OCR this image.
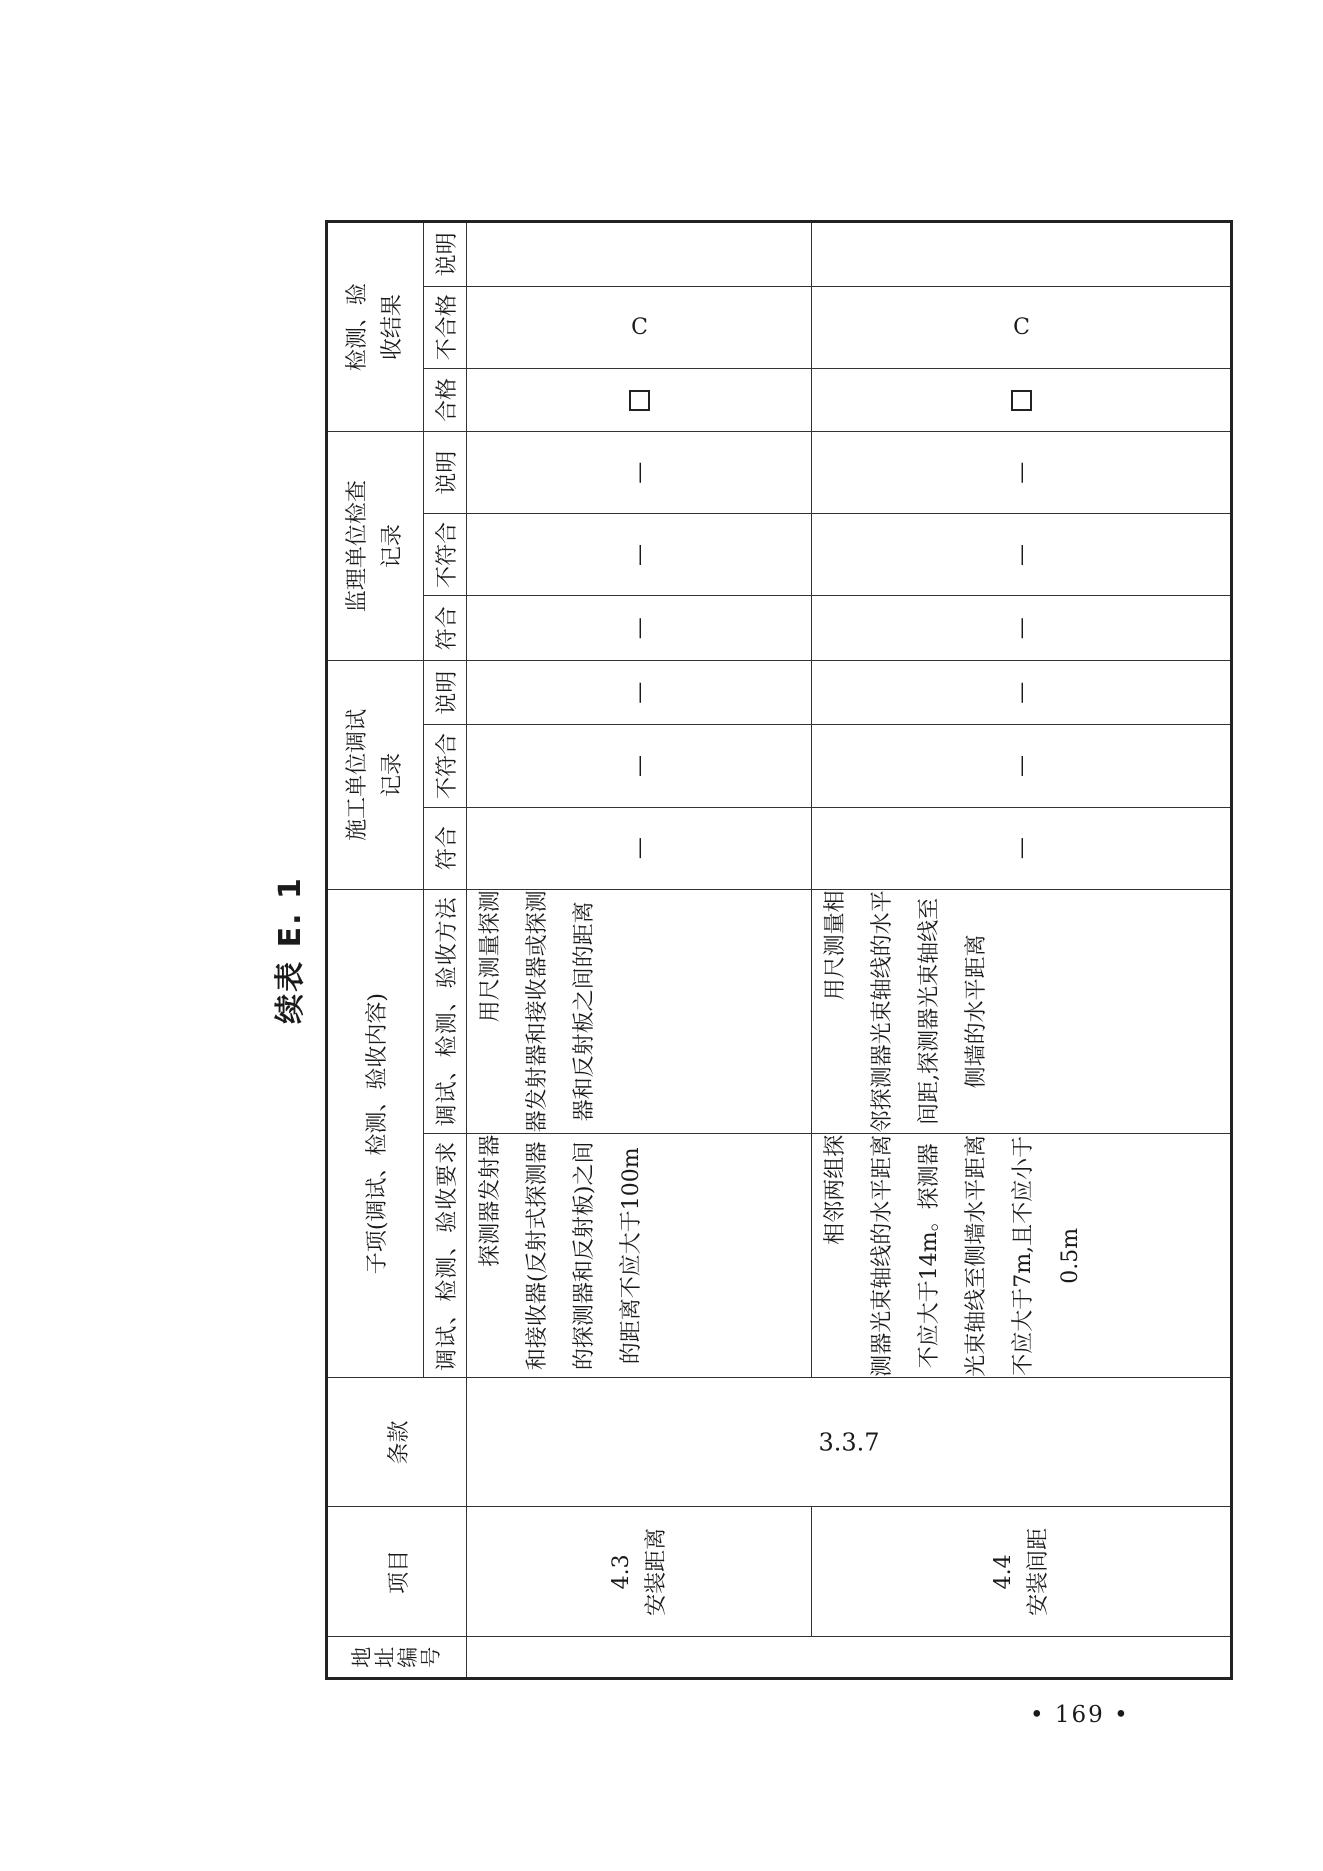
续表 E. 1
地址编号	项目	条款	子项(调试、检测、验收内容)		施工单位调试记录			监理单位检查记录			检测、验收结果		
			调试、检测、验收要求	调试、检测、验收方法	符合	不符合	说明	符合	不符合	说明	合格	不合格	说明

	4.3 安装距离	3.3.7	探测器发射器和接收器(反射式探测器的探测器和反射板)之间的距离不应大于100m	用尺测量探测器发射器和接收器或探测器和反射板之间的距离	—	—	—	—	—	—		C	

	4.4 安装间距		相邻两组探测器光束轴线的水平距离不应大于14m。探测器光束轴线至侧墙水平距离不应大于7m,且不应小于0.5m	用尺测量相邻探测器光束轴线的水平间距,探测器光束轴线至侧墙的水平距离	—	—	—	—	—	—		C	
• 169 •
